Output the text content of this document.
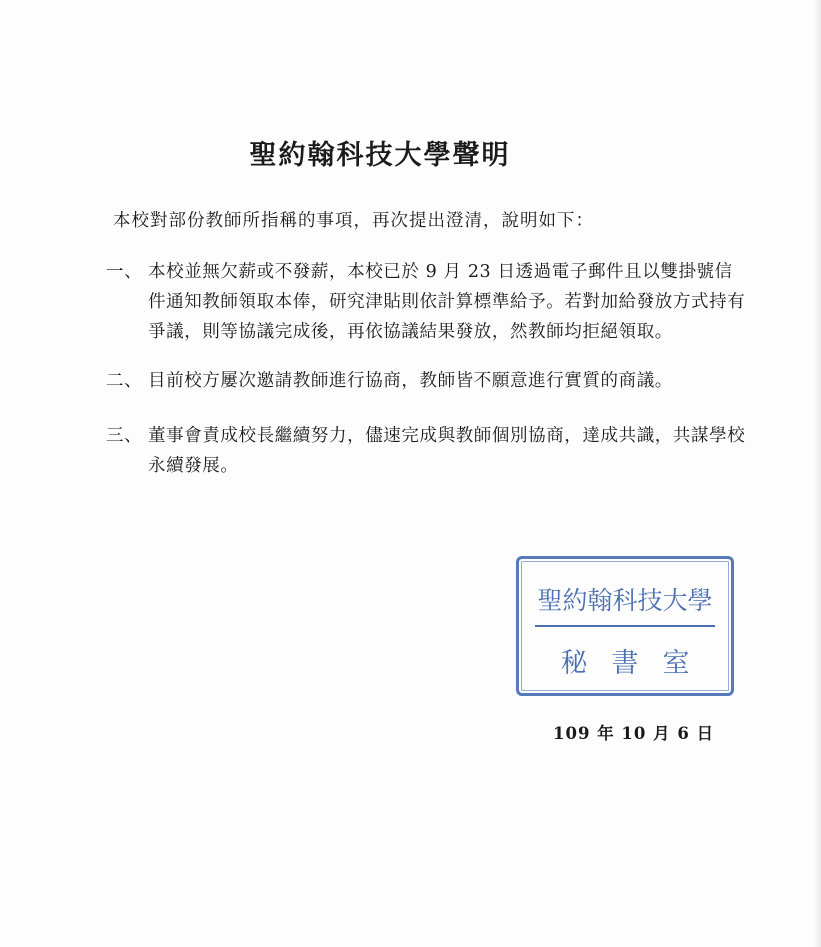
聖約翰科技大學聲明
本校對部份教師所指稱的事項，再次提出澄清，說明如下：
一、 本校並無欠薪或不發薪，本校已於 9 月 23 日透過電子郵件且以雙掛號信件通知教師領取本俸，研究津貼則依計算標準給予。若對加給發放方式持有爭議，則等協議完成後，再依協議結果發放，然教師均拒絕領取。
二、 目前校方屢次邀請教師進行協商，教師皆不願意進行實質的商議。
三、 董事會責成校長繼續努力，儘速完成與教師個別協商，達成共識，共謀學校永續發展。
聖約翰科技大學
秘書室
109 年 10 月 6 日
